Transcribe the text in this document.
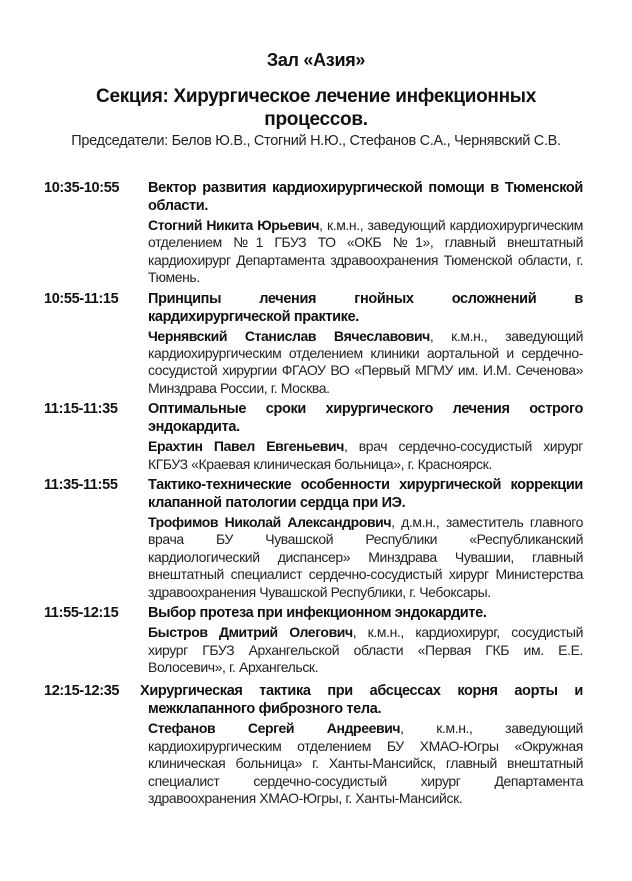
Зал «Азия»
Секция: Хирургическое лечение инфекционных процессов.
Председатели: Белов Ю.В., Стогний Н.Ю., Стефанов С.А., Чернявский С.В.

10:35-10:55 Вектор развития кардиохирургической помощи в Тюменской области.

Стогний Никита Юрьевич, к.м.н., заведующий кардиохирургическим отделением №1 ГБУЗ ТО «ОКБ №1», главный внештатный кардиохирург Департамента здравоохранения Тюменской области, г. Тюмень.

10:55-11:15 Принципы лечения гнойных осложнений в кардихирургической практике.

Чернявский Станислав Вячеславович, к.м.н., заведующий кардиохирургическим отделением клиники аортальной и сердечно-сосудистой хирургии ФГАОУ ВО «Первый МГМУ им. И.М. Сеченова» Минздрава России, г. Москва.

11:15-11:35 Оптимальные сроки хирургического лечения острого эндокардита.

Ерахтин Павел Евгеньевич, врач сердечно-сосудистый хирург КГБУЗ «Краевая клиническая больница», г. Красноярск.

11:35-11:55 Тактико-технические особенности хирургической коррекции клапанной патологии сердца при ИЭ.

Трофимов Николай Александрович, д.м.н., заместитель главного врача БУ Чувашской Республики «Республиканский кардиологический диспансер» Минздрава Чувашии, главный внештатный специалист сердечно-сосудистый хирург Министерства здравоохранения Чувашской Республики, г. Чебоксары.

11:55-12:15 Выбор протеза при инфекционном эндокардите.

Быстров Дмитрий Олегович, к.м.н., кардиохирург, сосудистый хирург ГБУЗ Архангельской области «Первая ГКБ им. Е.Е. Волосевич», г. Архангельск.

12:15-12:35 Хирургическая тактика при абсцессах корня аорты и межклапанного фиброзного тела.

Стефанов Сергей Андреевич, к.м.н., заведующий кардиохирургическим отделением БУ ХМАО-Югры «Окружная клиническая больница» г. Ханты-Мансийск, главный внештатный специалист сердечно-сосудистый хирург Департамента здравоохранения ХМАО-Югры, г. Ханты-Мансийск.
